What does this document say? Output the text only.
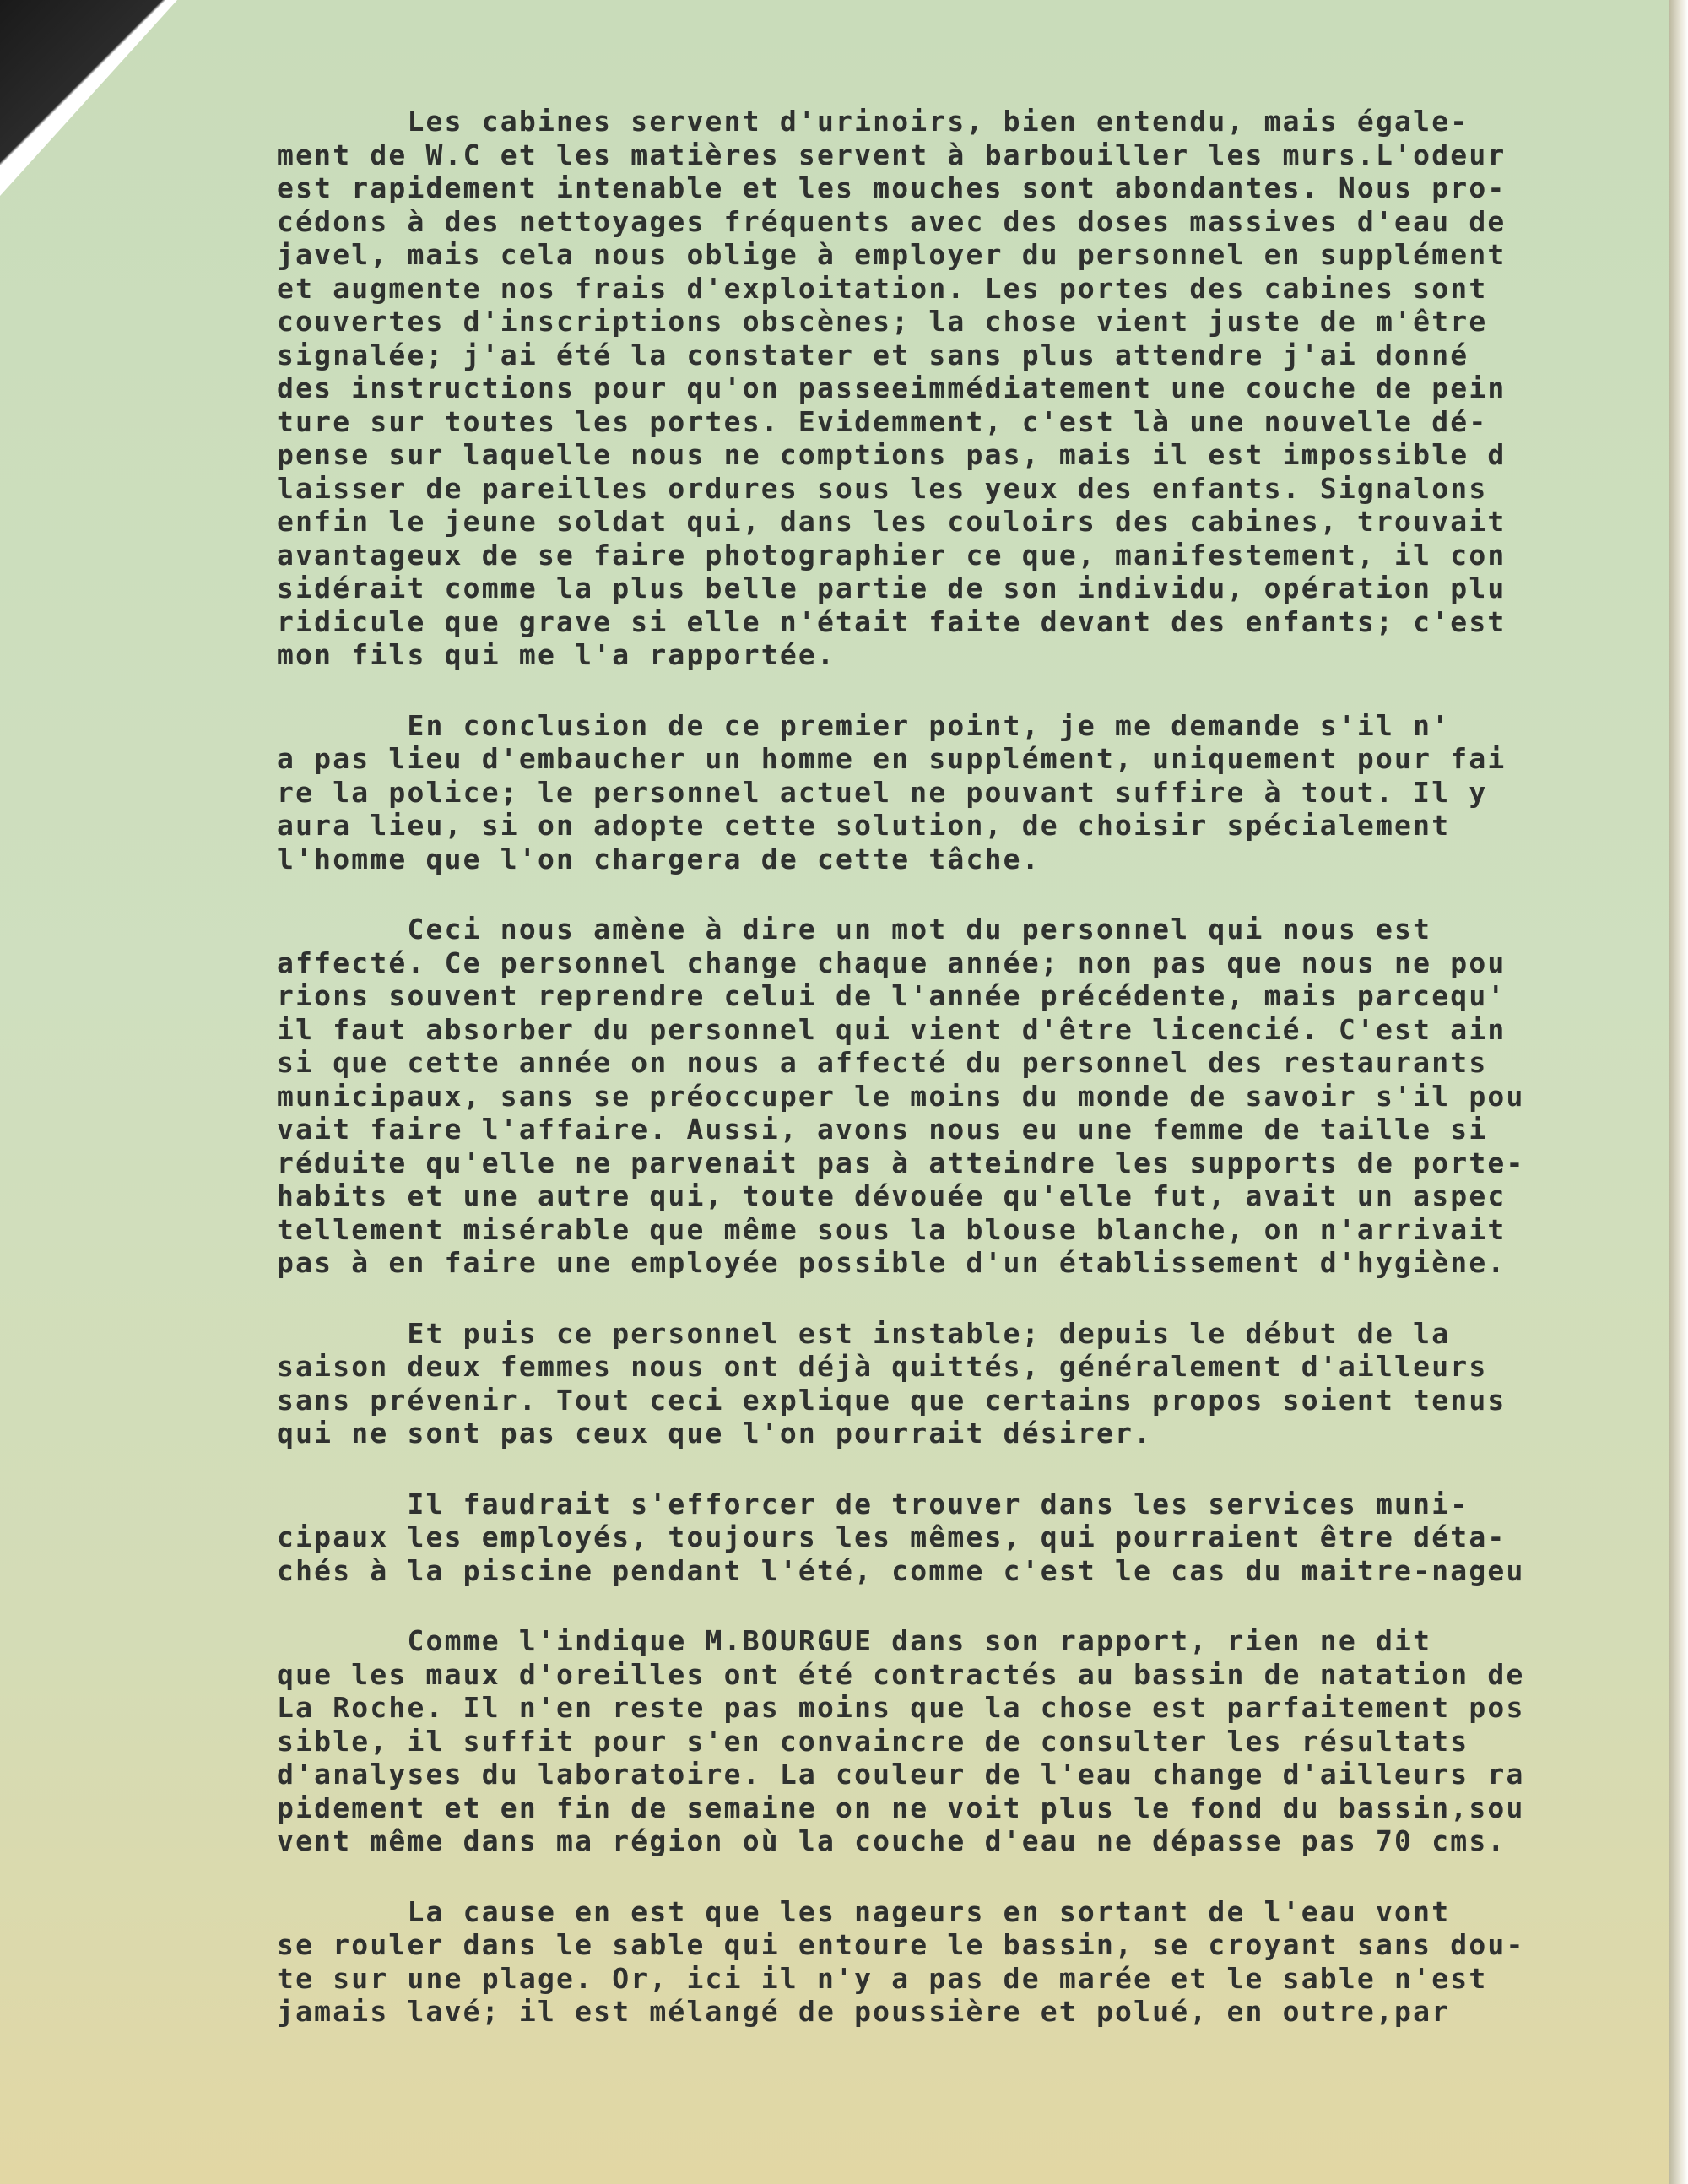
Les cabines servent d'urinoirs, bien entendu, mais égale-
ment de W.C et les matières servent à barbouiller les murs.L'odeur
est rapidement intenable et les mouches sont abondantes. Nous pro-
cédons à des nettoyages fréquents avec des doses massives d'eau de
javel, mais cela nous oblige à employer du personnel en supplément
et augmente nos frais d'exploitation. Les portes des cabines sont
couvertes d'inscriptions obscènes; la chose vient juste de m'être
signalée; j'ai été la constater et sans plus attendre j'ai donné
des instructions pour qu'on passeeimmédiatement une couche de pein
ture sur toutes les portes. Evidemment, c'est là une nouvelle dé-
pense sur laquelle nous ne comptions pas, mais il est impossible d
laisser de pareilles ordures sous les yeux des enfants. Signalons
enfin le jeune soldat qui, dans les couloirs des cabines, trouvait
avantageux de se faire photographier ce que, manifestement, il con
sidérait comme la plus belle partie de son individu, opération plu
ridicule que grave si elle n'était faite devant des enfants; c'est
mon fils qui me l'a rapportée.
En conclusion de ce premier point, je me demande s'il n'
a pas lieu d'embaucher un homme en supplément, uniquement pour fai
re la police; le personnel actuel ne pouvant suffire à tout. Il y
aura lieu, si on adopte cette solution, de choisir spécialement
l'homme que l'on chargera de cette tâche.
Ceci nous amène à dire un mot du personnel qui nous est
affecté. Ce personnel change chaque année; non pas que nous ne pou
rions souvent reprendre celui de l'année précédente, mais parcequ'
il faut absorber du personnel qui vient d'être licencié. C'est ain
si que cette année on nous a affecté du personnel des restaurants
municipaux, sans se préoccuper le moins du monde de savoir s'il pou
vait faire l'affaire. Aussi, avons nous eu une femme de taille si
réduite qu'elle ne parvenait pas à atteindre les supports de porte-
habits et une autre qui, toute dévouée qu'elle fut, avait un aspec
tellement misérable que même sous la blouse blanche, on n'arrivait
pas à en faire une employée possible d'un établissement d'hygiène.
Et puis ce personnel est instable; depuis le début de la
saison deux femmes nous ont déjà quittés, généralement d'ailleurs
sans prévenir. Tout ceci explique que certains propos soient tenus
qui ne sont pas ceux que l'on pourrait désirer.
Il faudrait s'efforcer de trouver dans les services muni-
cipaux les employés, toujours les mêmes, qui pourraient être déta-
chés à la piscine pendant l'été, comme c'est le cas du maitre-nageu
Comme l'indique M.BOURGUE dans son rapport, rien ne dit
que les maux d'oreilles ont été contractés au bassin de natation de
La Roche. Il n'en reste pas moins que la chose est parfaitement pos
sible, il suffit pour s'en convaincre de consulter les résultats
d'analyses du laboratoire. La couleur de l'eau change d'ailleurs ra
pidement et en fin de semaine on ne voit plus le fond du bassin,sou
vent même dans ma région où la couche d'eau ne dépasse pas 70 cms.
La cause en est que les nageurs en sortant de l'eau vont
se rouler dans le sable qui entoure le bassin, se croyant sans dou-
te sur une plage. Or, ici il n'y a pas de marée et le sable n'est
jamais lavé; il est mélangé de poussière et polué, en outre,par
